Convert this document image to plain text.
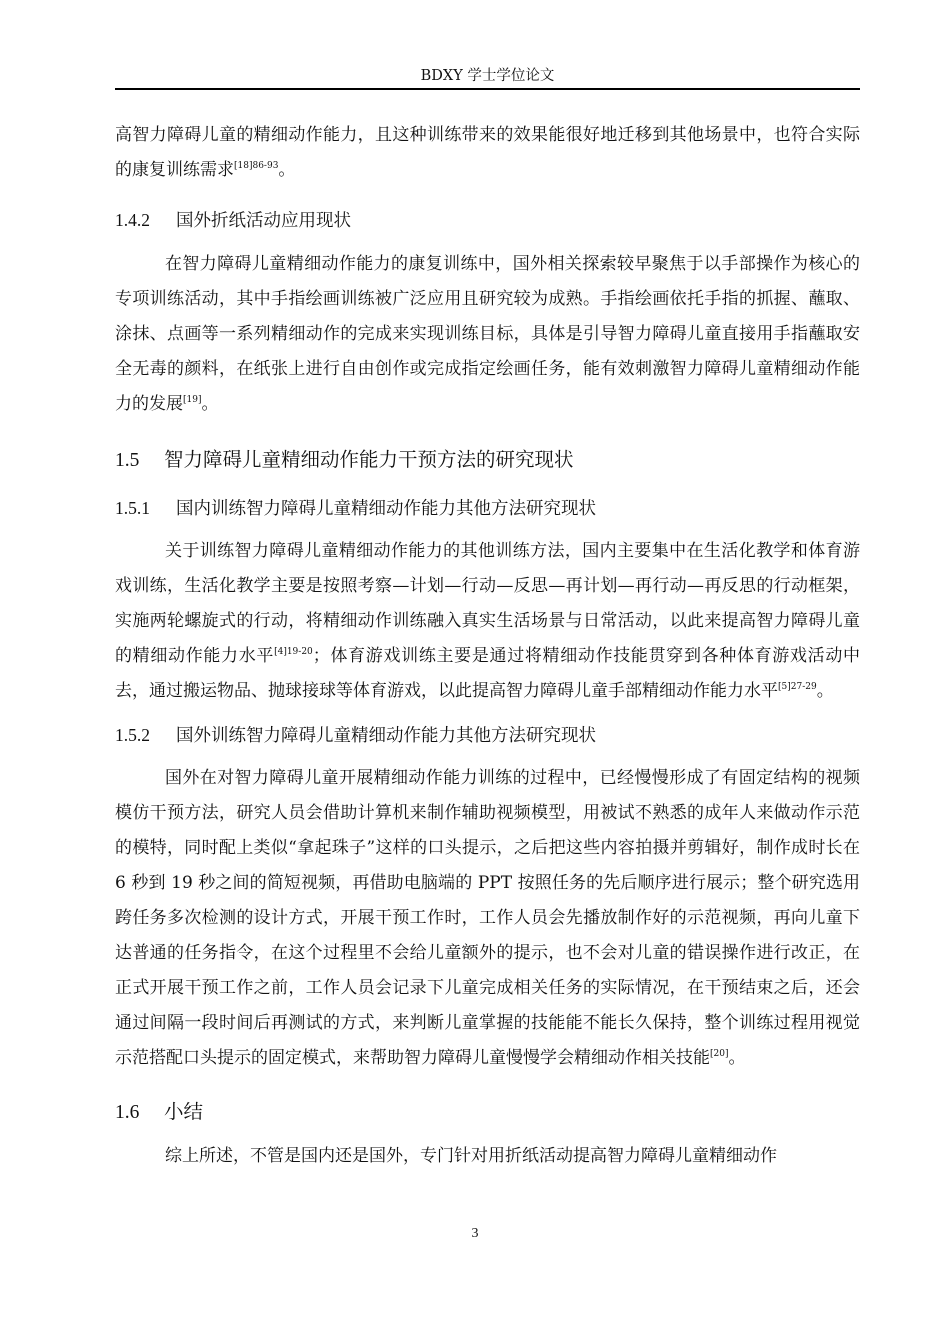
BDXY 学士学位论文

高智力障碍儿童的精细动作能力，且这种训练带来的效果能很好地迁移到其他场景中，也符合实际的康复训练需求$^{[18]86-93}$。

1.4.2 国外折纸活动应用现状

在智力障碍儿童精细动作能力的康复训练中，国外相关探索较早聚焦于以手部操作为核心的专项训练活动，其中手指绘画训练被广泛应用且研究较为成熟。手指绘画依托手指的抓握、蘸取、涂抹、点画等一系列精细动作的完成来实现训练目标，具体是引导智力障碍儿童直接用手指蘸取安全无毒的颜料，在纸张上进行自由创作或完成指定绘画任务，能有效刺激智力障碍儿童精细动作能力的发展[19]。

1.5 智力障碍儿童精细动作能力干预方法的研究现状
1.5.1 国内训练智力障碍儿童精细动作能力其他方法研究现状

关于训练智力障碍儿童精细动作能力的其他训练方法，国内主要集中在生活化教学和体育游戏训练，生活化教学主要是按照考察—计划—行动—反思—再计划—再行动—再反思的行动框架，实施两轮螺旋式的行动，将精细动作训练融入真实生活场景与日常活动，以此来提高智力障碍儿童的精细动作能力水平$^{[4]19-20}$；体育游戏训练主要是通过将精细动作技能贯穿到各种体育游戏活动中去，通过搬运物品、抛球接球等体育游戏，以此提高智力障碍儿童手部精细动作能力水平$^{[5]27-29}$。

1.5.2 国外训练智力障碍儿童精细动作能力其他方法研究现状

国外在对智力障碍儿童开展精细动作能力训练的过程中，已经慢慢形成了有固定结构的视频模仿干预方法，研究人员会借助计算机来制作辅助视频模型，用被试不熟悉的成年人来做动作示范的模特，同时配上类似“拿起珠子”这样的口头提示，之后把这些内容拍摄并剪辑好，制作成时长在 6 秒到 19 秒之间的简短视频，再借助电脑端的 PPT 按照任务的先后顺序进行展示；整个研究选用跨任务多次检测的设计方式，开展干预工作时，工作人员会先播放制作好的示范视频，再向儿童下达普通的任务指令，在这个过程里不会给儿童额外的提示，也不会对儿童的错误操作进行改正，在正式开展干预工作之前，工作人员会记录下儿童完成相关任务的实际情况，在干预结束之后，还会通过间隔一段时间后再测试的方式，来判断儿童掌握的技能能不能长久保持，整个训练过程用视觉示范搭配口头提示的固定模式，来帮助智力障碍儿童慢慢学会精细动作相关技能[20]。

1.6 小结

综上所述，不管是国内还是国外，专门针对用折纸活动提高智力障碍儿童精细动作

3
